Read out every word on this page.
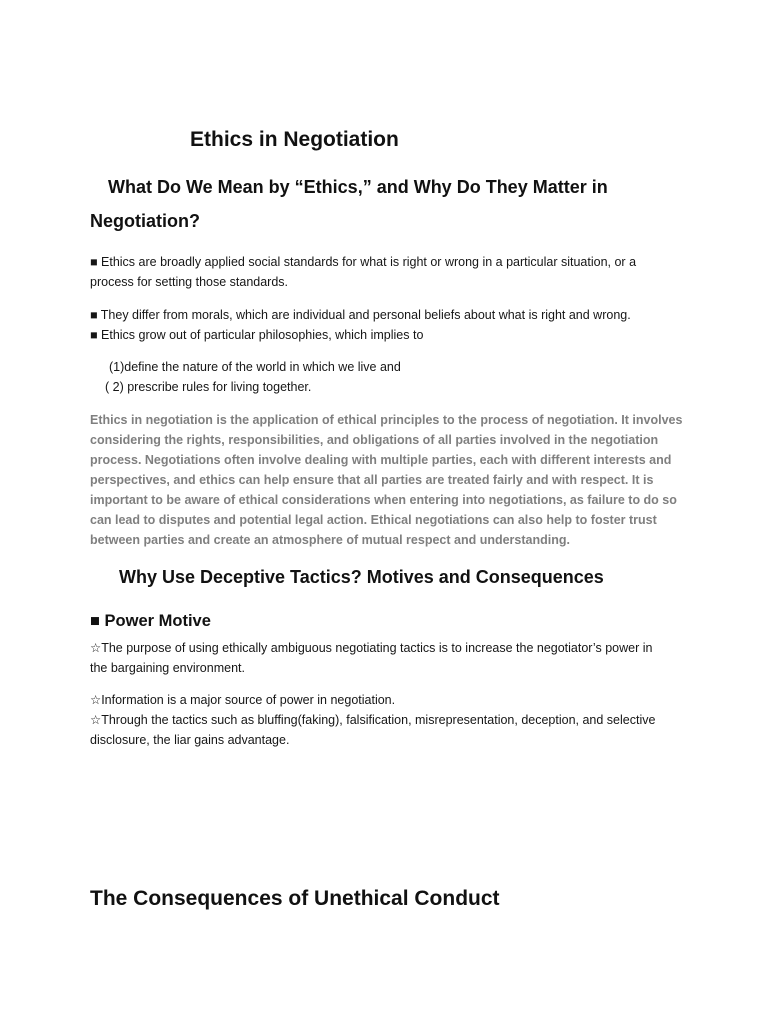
Ethics in Negotiation
What Do We Mean by “Ethics,” and Why Do They Matter in
Negotiation?

■ Ethics are broadly applied social standards for what is right or wrong in a particular situation, or a

process for setting those standards.

■ They differ from morals, which are individual and personal beliefs about what is right and wrong.

■ Ethics grow out of particular philosophies, which implies to

(1)define the nature of the world in which we live and

( 2) prescribe rules for living together.

Ethics in negotiation is the application of ethical principles to the process of negotiation. It involves

considering the rights, responsibilities, and obligations of all parties involved in the negotiation

process. Negotiations often involve dealing with multiple parties, each with different interests and

perspectives, and ethics can help ensure that all parties are treated fairly and with respect. It is

important to be aware of ethical considerations when entering into negotiations, as failure to do so

can lead to disputes and potential legal action. Ethical negotiations can also help to foster trust

between parties and create an atmosphere of mutual respect and understanding.

Why Use Deceptive Tactics? Motives and Consequences
■ Power Motive

☆The purpose of using ethically ambiguous negotiating tactics is to increase the negotiator’s power in

the bargaining environment.

☆Information is a major source of power in negotiation.

☆Through the tactics such as bluffing(faking), falsification, misrepresentation, deception, and selective

disclosure, the liar gains advantage.

The Consequences of Unethical Conduct
